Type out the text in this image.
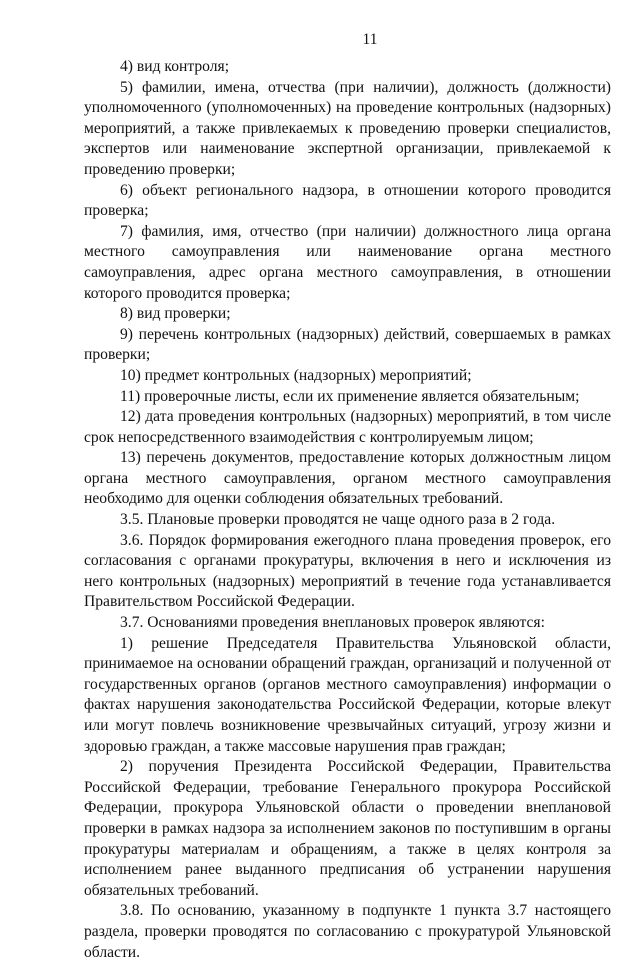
11

4) вид контроля;

5) фамилии, имена, отчества (при наличии), должность (должности) уполномоченного (уполномоченных) на проведение контрольных (надзорных) мероприятий, а также привлекаемых к проведению проверки специалистов, экспертов или наименование экспертной организации, привлекаемой к проведению проверки;

6) объект регионального надзора, в отношении которого проводится проверка;

7) фамилия, имя, отчество (при наличии) должностного лица органа местного самоуправления или наименование органа местного самоуправления, адрес органа местного самоуправления, в отношении которого проводится проверка;

8) вид проверки;

9) перечень контрольных (надзорных) действий, совершаемых в рамках проверки;

10) предмет контрольных (надзорных) мероприятий;

11) проверочные листы, если их применение является обязательным;

12) дата проведения контрольных (надзорных) мероприятий, в том числе срок непосредственного взаимодействия с контролируемым лицом;

13) перечень документов, предоставление которых должностным лицом органа местного самоуправления, органом местного самоуправления необходимо для оценки соблюдения обязательных требований.

3.5. Плановые проверки проводятся не чаще одного раза в 2 года.

3.6. Порядок формирования ежегодного плана проведения проверок, его согласования с органами прокуратуры, включения в него и исключения из него контрольных (надзорных) мероприятий в течение года устанавливается Правительством Российской Федерации.

3.7. Основаниями проведения внеплановых проверок являются:

1) решение Председателя Правительства Ульяновской области, принимаемое на основании обращений граждан, организаций и полученной от государственных органов (органов местного самоуправления) информации о фактах нарушения законодательства Российской Федерации, которые влекут или могут повлечь возникновение чрезвычайных ситуаций, угрозу жизни и здоровью граждан, а также массовые нарушения прав граждан;

2) поручения Президента Российской Федерации, Правительства Российской Федерации, требование Генерального прокурора Российской Федерации, прокурора Ульяновской области о проведении внеплановой проверки в рамках надзора за исполнением законов по поступившим в органы прокуратуры материалам и обращениям, а также в целях контроля за исполнением ранее выданного предписания об устранении нарушения обязательных требований.

3.8. По основанию, указанному в подпункте 1 пункта 3.7 настоящего раздела, проверки проводятся по согласованию с прокуратурой Ульяновской области.
